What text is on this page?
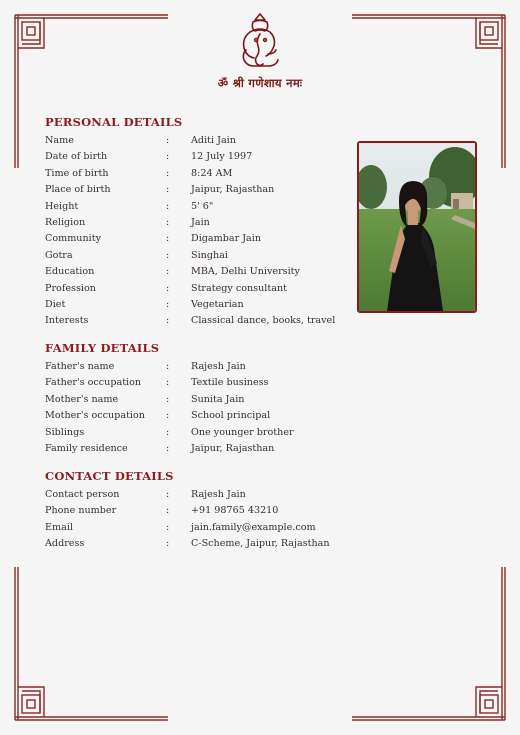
ॐ श्री गणेशाय नमः
PERSONAL DETAILS
Name	: Aditi Jain
Date of birth	: 12 July 1997
Time of birth	: 8:24 AM
Place of birth	: Jaipur, Rajasthan
Height	: 5' 6"
Religion	: Jain
Community	: Digambar Jain
Gotra	: Singhai
Education	: MBA, Delhi University
Profession	: Strategy consultant
Diet	: Vegetarian
Interests	: Classical dance, books, travel
FAMILY DETAILS
Father's name	: Rajesh Jain
Father's occupation	: Textile business
Mother's name	: Sunita Jain
Mother's occupation : School principal
Siblings	: One younger brother
Family residence	: Jaipur, Rajasthan
CONTACT DETAILS
Contact person	: Rajesh Jain
Phone number	: +91 98765 43210
Email	: jain.family@example.com
Address	: C-Scheme, Jaipur, Rajasthan
